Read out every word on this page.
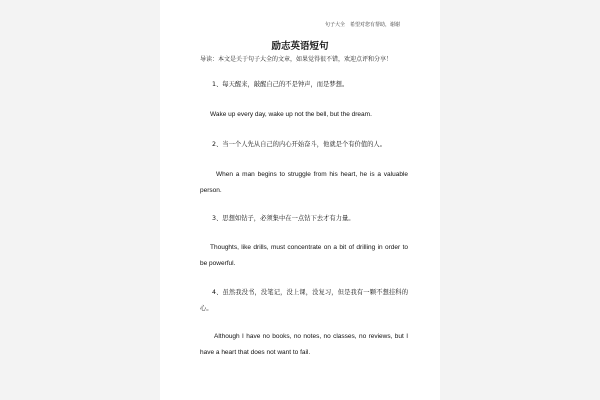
句子大全　希望对您有帮助，谢谢
励志英语短句
导读：本文是关于句子大全的文章，如果觉得很不错，欢迎点评和分享！
1、每天醒来，敲醒自己的不是钟声，而是梦想。
Wake up every day, wake up not the bell, but the dream.
2、当一个人先从自己的内心开始奋斗，他就是个有价值的人。
When a man begins to struggle from his heart, he is a valuable person.
3、思想如钻子，必须集中在一点钻下去才有力量。
Thoughts, like drills, must concentrate on a bit of drilling in order to be powerful.
4、虽然我没书，没笔记，没上课，没复习，但是我有一颗不想挂科的心。
Although I have no books, no notes, no classes, no reviews, but I have a heart that does not want to fail.
